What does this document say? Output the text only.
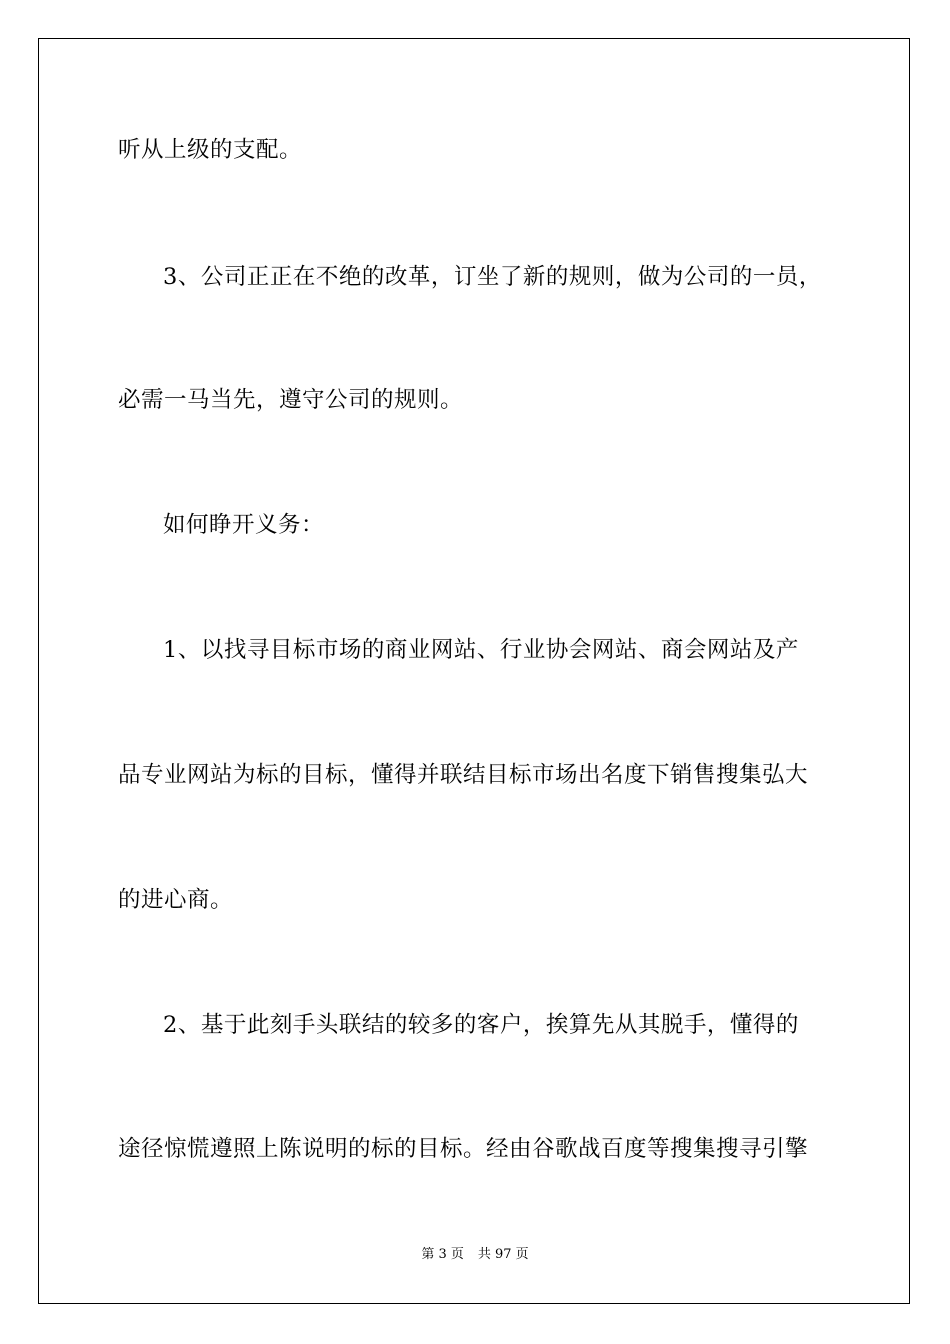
听从上级的支配。

3、公司正正在不绝的改革，订坐了新的规则，做为公司的一员，

必需一马当先，遵守公司的规则。

如何睁开义务：

1、以找寻目标市场的商业网站、行业协会网站、商会网站及产

品专业网站为标的目标，懂得并联结目标市场出名度下销售搜集弘大

的进心商。

2、基于此刻手头联结的较多的客户，挨算先从其脱手，懂得的

途径惊慌遵照上陈说明的标的目标。经由谷歌战百度等搜集搜寻引擎

第 3 页 共 97 页
